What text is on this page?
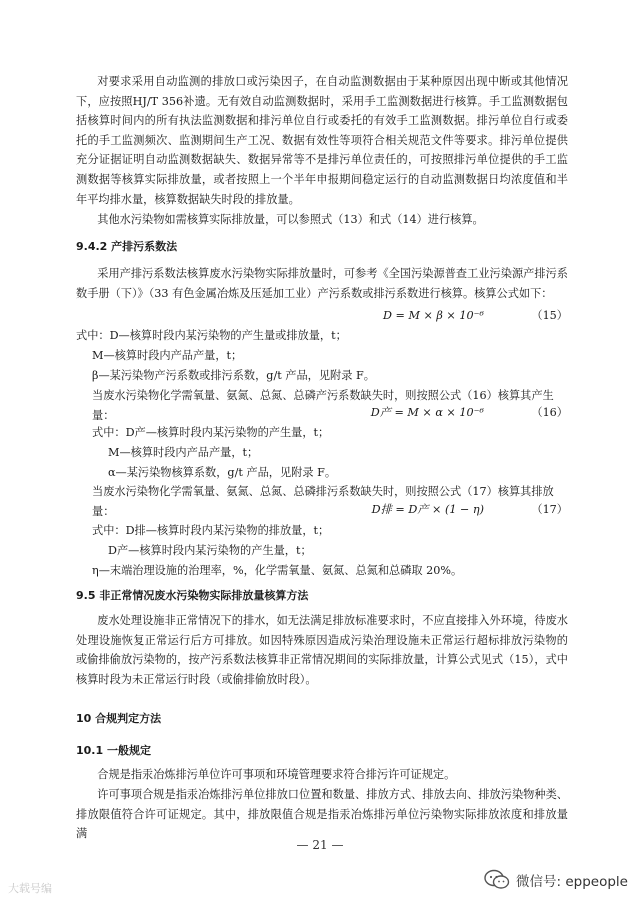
对要求采用自动监测的排放口或污染因子，在自动监测数据由于某种原因出现中断或其他情况下，应按照HJ/T 356补遗。无有效自动监测数据时，采用手工监测数据进行核算。手工监测数据包括核算时间内的所有执法监测数据和排污单位自行或委托的有效手工监测数据。排污单位自行或委托的手工监测频次、监测期间生产工况、数据有效性等项符合相关规范文件等要求。排污单位提供充分证据证明自动监测数据缺失、数据异常等不是排污单位责任的，可按照排污单位提供的手工监测数据等核算实际排放量，或者按照上一个半年申报期间稳定运行的自动监测数据日均浓度值和半年平均排水量，核算数据缺失时段的排放量。
其他水污染物如需核算实际排放量，可以参照式（13）和式（14）进行核算。
9.4.2 产排污系数法
采用产排污系数法核算废水污染物实际排放量时，可参考《全国污染源普查工业污染源产排污系数手册（下）》（33 有色金属冶炼及压延加工业）产污系数或排污系数进行核算。核算公式如下：
D = M × β × 10⁻⁶	（15）
式中：D—核算时段内某污染物的产生量或排放量，t；
M—核算时段内产品产量，t；
β—某污染物产污系数或排污系数，g/t 产品，见附录 F。
当废水污染物化学需氧量、氨氮、总氮、总磷产污系数缺失时，则按照公式（16）核算其产生量：	D产 = M × α × 10⁻⁶	（16）
式中：D产—核算时段内某污染物的产生量，t；
M—核算时段内产品产量，t；
α—某污染物核算系数，g/t 产品，见附录 F。
当废水污染物化学需氧量、氨氮、总氮、总磷排污系数缺失时，则按照公式（17）核算其排放量：	D排 = D产 × (1 − η)	（17）
式中：D排—核算时段内某污染物的排放量，t；
D产—核算时段内某污染物的产生量，t；
η—末端治理设施的治理率，%，化学需氧量、氨氮、总氮和总磷取 20%。
9.5 非正常情况废水污染物实际排放量核算方法
废水处理设施非正常情况下的排水，如无法满足排放标准要求时，不应直接排入外环境，待废水处理设施恢复正常运行后方可排放。如因特殊原因造成污染治理设施未正常运行超标排放污染物的或偷排偷放污染物的，按产污系数法核算非正常情况期间的实际排放量，计算公式见式（15），式中核算时段为未正常运行时段（或偷排偷放时段）。
10 合规判定方法
10.1 一般规定
合规是指汞冶炼排污单位许可事项和环境管理要求符合排污许可证规定。
许可事项合规是指汞冶炼排污单位排放口位置和数量、排放方式、排放去向、排放污染物种类、排放限值符合许可证规定。其中，排放限值合规是指汞冶炼排污单位污染物实际排放浓度和排放量满
— 21 —
大载号编	微信号: eppeople
